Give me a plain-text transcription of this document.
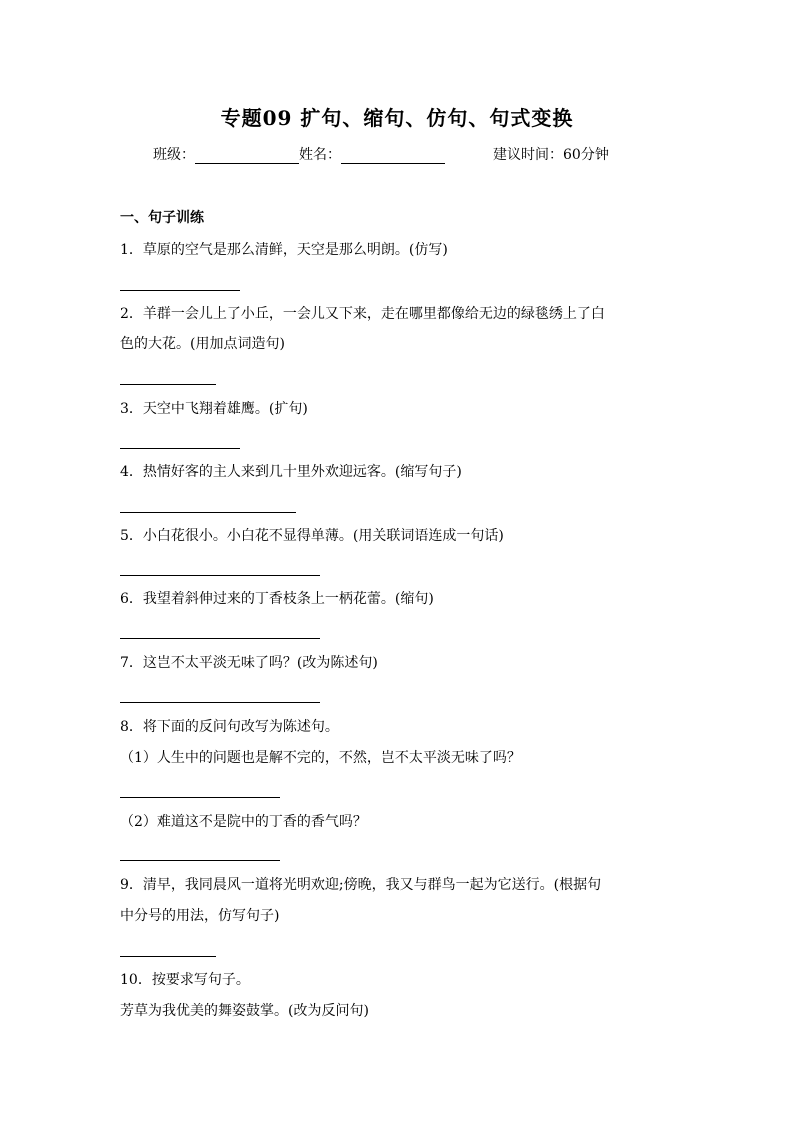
专题09 扩句、缩句、仿句、句式变换
班级：	姓名：	建议时间：60分钟
一、句子训练
1．草原的空气是那么清鲜，天空是那么明朗。(仿写)
2．羊群一会儿上了小丘，一会儿又下来，走在哪里都像给无边的绿毯绣上了白
色的大花。(用加点词造句)
3．天空中飞翔着雄鹰。(扩句)
4．热情好客的主人来到几十里外欢迎远客。(缩写句子)
5．小白花很小。小白花不显得单薄。(用关联词语连成一句话)
6．我望着斜伸过来的丁香枝条上一柄花蕾。(缩句)
7．这岂不太平淡无味了吗？(改为陈述句)
8．将下面的反问句改写为陈述句。
（1）人生中的问题也是解不完的，不然，岂不太平淡无味了吗？
（2）难道这不是院中的丁香的香气吗？
9．清早，我同晨风一道将光明欢迎;傍晚，我又与群鸟一起为它送行。(根据句
中分号的用法，仿写句子)
10．按要求写句子。
芳草为我优美的舞姿鼓掌。(改为反问句)
